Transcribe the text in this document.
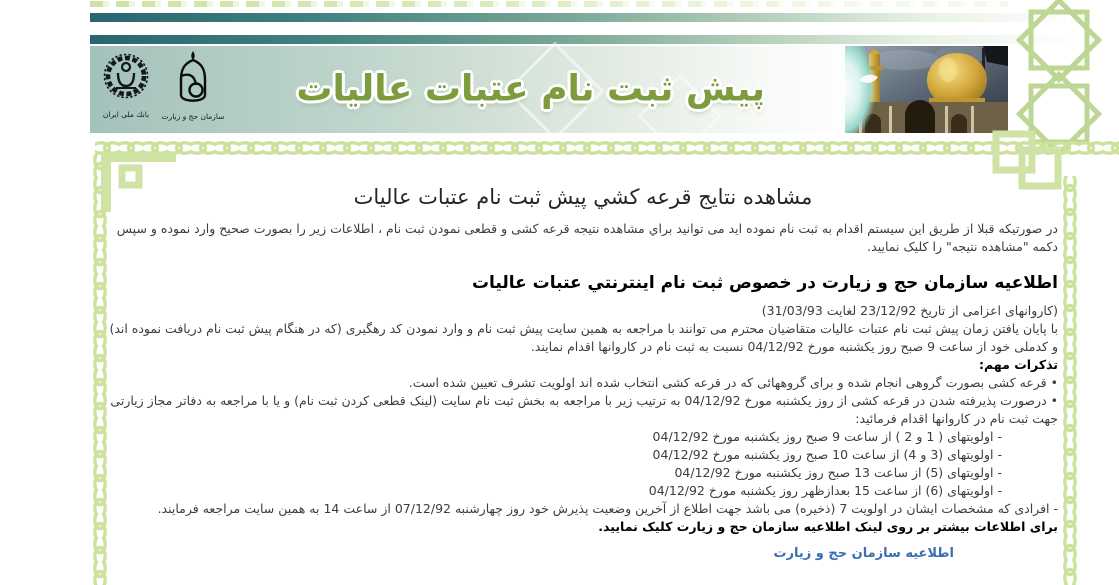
بانك ملی ايران	سازمان حج و زيارت
پيش ثبت نام عتبات عاليات
مشاهده نتايج قرعه کشي پيش ثبت نام عتبات عاليات

در صورتيکه قبلا از طريق اين سيستم اقدام به ثبت نام نموده ايد می توانيد براي مشاهده نتيجه قرعه کشی و قطعی نمودن ثبت نام ، اطلاعات زير را بصورت صحيح وارد نموده و سپس دکمه "مشاهده نتيجه" را کليک نماييد.

اطلاعيه سازمان حج و زيارت در خصوص ثبت نام اينترنتي عتبات عاليات

(کاروانهای اعزامی از تاريخ 23/12/92 لغايت 31/03/93)

با پايان يافتن زمان پيش ثبت نام عتبات عاليات متقاضيان محترم می توانند با مراجعه به همين سايت پيش ثبت نام و وارد نمودن کد رهگيری (که در هنگام پيش ثبت نام دريافت نموده اند) و کدملی خود از ساعت 9 صبح روز يکشنبه مورخ 04/12/92 نسبت به ثبت نام در کاروانها اقدام نمايند.

تذکرات مهم:

• قرعه کشی بصورت گروهی انجام شده و برای گروههائی که در قرعه کشی انتخاب شده اند اولويت تشرف تعيين شده است.

• درصورت پذيرفته شدن در قرعه کشی از روز يکشنبه مورخ 04/12/92 به ترتيب زير با مراجعه به بخش ثبت نام سايت (لينک قطعی کردن ثبت نام) و يا با مراجعه به دفاتر مجاز زيارتی جهت ثبت نام در کاروانها اقدام فرمائيد:

- اولويتهای ( 1 و 2 ) از ساعت 9 صبح روز يکشنبه مورخ 04/12/92
- اولويتهای (3 و 4) از ساعت 10 صبح روز يکشنبه مورخ 04/12/92
- اولويتهای (5) از ساعت 13 صبح روز يکشنبه مورخ 04/12/92
- اولويتهای (6) از ساعت 15 بعدازظهر روز يکشنبه مورخ 04/12/92
- افرادی که مشخصات ايشان در اولويت 7 (ذخيره) می باشد جهت اطلاع از آخرين وضعيت پذيرش خود روز چهارشنبه 07/12/92 از ساعت 14 به همين سايت مراجعه فرمايند.
برای اطلاعات بيشتر بر روی لينک اطلاعيه سازمان حج و زيارت کليک نماييد.
اطلاعيه سازمان حج و زيارت
